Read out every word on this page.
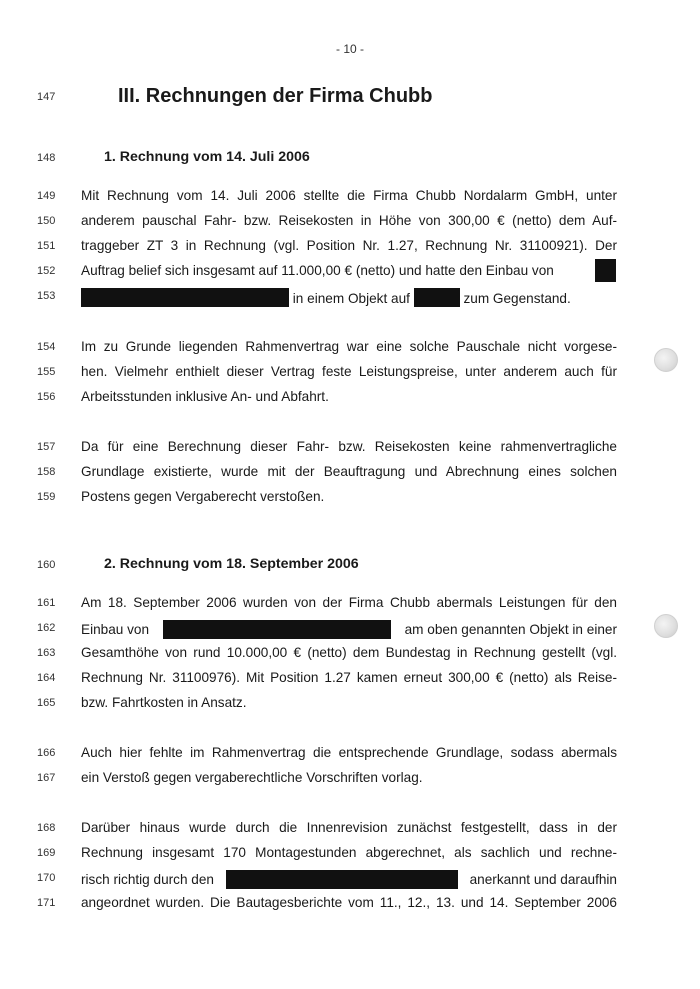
- 10 -
147	III. Rechnungen der Firma Chubb
148	1. Rechnung vom 14. Juli 2006
149	Mit Rechnung vom 14. Juli 2006 stellte die Firma Chubb Nordalarm GmbH, unter
150	anderem pauschal Fahr- bzw. Reisekosten in Höhe von 300,00 € (netto) dem Auf-
151	traggeber ZT 3 in Rechnung (vgl. Position Nr. 1.27, Rechnung Nr. 31100921). Der
152	Auftrag belief sich insgesamt auf 11.000,00 € (netto) und hatte den Einbau von
153	in einem Objekt auf	zum Gegenstand.
154	Im zu Grunde liegenden Rahmenvertrag war eine solche Pauschale nicht vorgese-
155	hen. Vielmehr enthielt dieser Vertrag feste Leistungspreise, unter anderem auch für
156	Arbeitsstunden inklusive An- und Abfahrt.
157	Da für eine Berechnung dieser Fahr- bzw. Reisekosten keine rahmenvertragliche
158	Grundlage existierte, wurde mit der Beauftragung und Abrechnung eines solchen
159	Postens gegen Vergaberecht verstoßen.
160	2. Rechnung vom 18. September 2006
161	Am 18. September 2006 wurden von der Firma Chubb abermals Leistungen für den
162	Einbau von	am oben genannten Objekt in einer
163	Gesamthöhe von rund 10.000,00 € (netto) dem Bundestag in Rechnung gestellt (vgl.
164	Rechnung Nr. 31100976). Mit Position 1.27 kamen erneut 300,00 € (netto) als Reise-
165	bzw. Fahrtkosten in Ansatz.
166	Auch hier fehlte im Rahmenvertrag die entsprechende Grundlage, sodass abermals
167	ein Verstoß gegen vergaberechtliche Vorschriften vorlag.
168	Darüber hinaus wurde durch die Innenrevision zunächst festgestellt, dass in der
169	Rechnung insgesamt 170 Montagestunden abgerechnet, als sachlich und rechne-
170	risch richtig durch den	anerkannt und daraufhin
171	angeordnet wurden. Die Bautagesberichte vom 11., 12., 13. und 14. September 2006
